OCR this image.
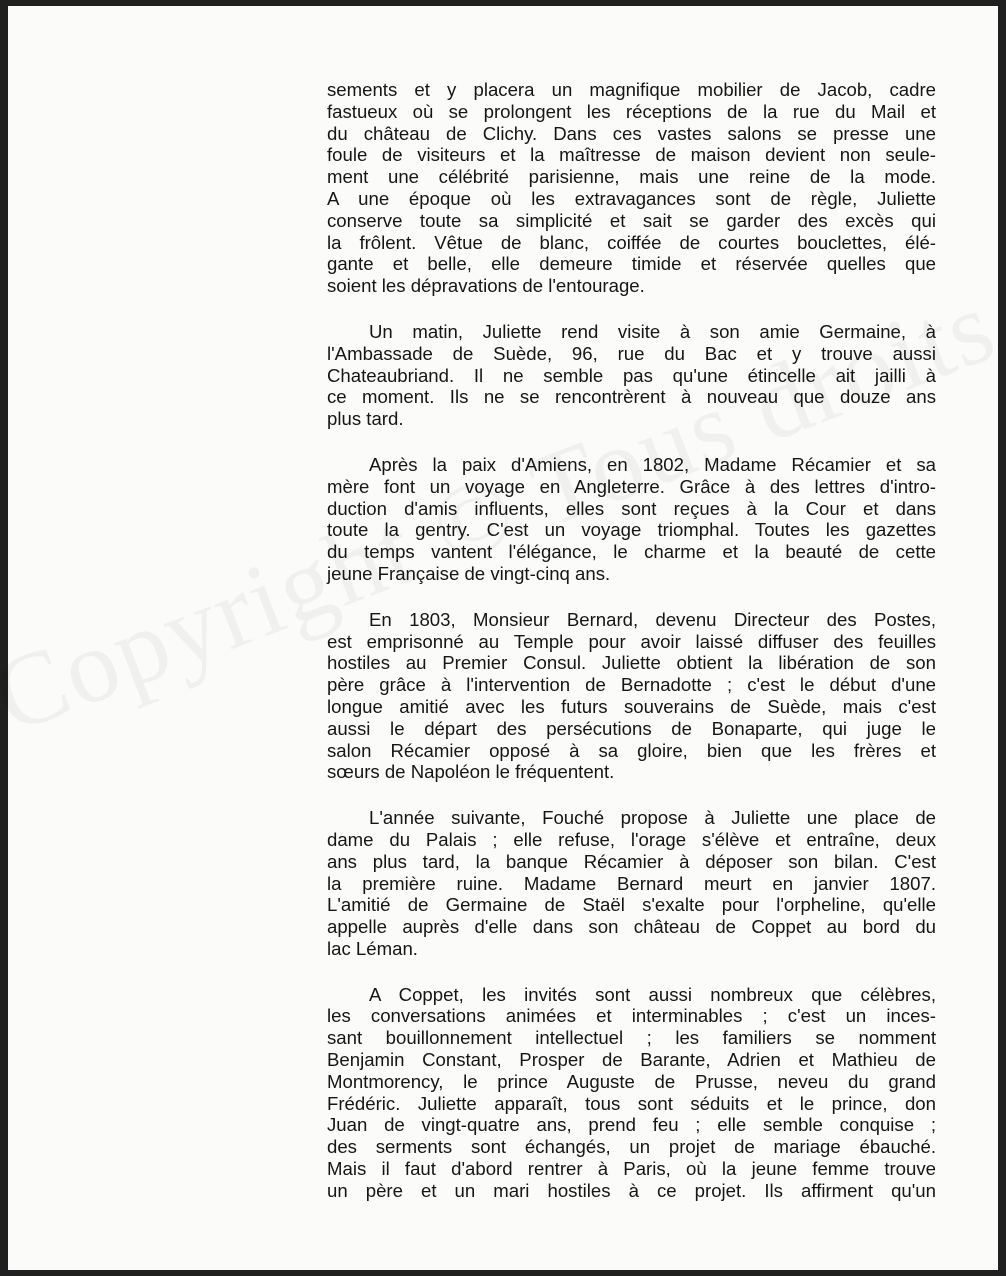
sements et y placera un magnifique mobilier de Jacob, cadre
fastueux où se prolongent les réceptions de la rue du Mail et
du château de Clichy. Dans ces vastes salons se presse une
foule de visiteurs et la maîtresse de maison devient non seule-
ment une célébrité parisienne, mais une reine de la mode.
A une époque où les extravagances sont de règle, Juliette
conserve toute sa simplicité et sait se garder des excès qui
la frôlent. Vêtue de blanc, coiffée de courtes bouclettes, élé-
gante et belle, elle demeure timide et réservée quelles que
soient les dépravations de l'entourage.
Un matin, Juliette rend visite à son amie Germaine, à
l'Ambassade de Suède, 96, rue du Bac et y trouve aussi
Chateaubriand. Il ne semble pas qu'une étincelle ait jailli à
ce moment. Ils ne se rencontrèrent à nouveau que douze ans
plus tard.
Après la paix d'Amiens, en 1802, Madame Récamier et sa
mère font un voyage en Angleterre. Grâce à des lettres d'intro-
duction d'amis influents, elles sont reçues à la Cour et dans
toute la gentry. C'est un voyage triomphal. Toutes les gazettes
du temps vantent l'élégance, le charme et la beauté de cette
jeune Française de vingt-cinq ans.
En 1803, Monsieur Bernard, devenu Directeur des Postes,
est emprisonné au Temple pour avoir laissé diffuser des feuilles
hostiles au Premier Consul. Juliette obtient la libération de son
père grâce à l'intervention de Bernadotte ; c'est le début d'une
longue amitié avec les futurs souverains de Suède, mais c'est
aussi le départ des persécutions de Bonaparte, qui juge le
salon Récamier opposé à sa gloire, bien que les frères et
sœurs de Napoléon le fréquentent.
L'année suivante, Fouché propose à Juliette une place de
dame du Palais ; elle refuse, l'orage s'élève et entraîne, deux
ans plus tard, la banque Récamier à déposer son bilan. C'est
la première ruine. Madame Bernard meurt en janvier 1807.
L'amitié de Germaine de Staël s'exalte pour l'orpheline, qu'elle
appelle auprès d'elle dans son château de Coppet au bord du
lac Léman.
A Coppet, les invités sont aussi nombreux que célèbres,
les conversations animées et interminables ; c'est un inces-
sant bouillonnement intellectuel ; les familiers se nomment
Benjamin Constant, Prosper de Barante, Adrien et Mathieu de
Montmorency, le prince Auguste de Prusse, neveu du grand
Frédéric. Juliette apparaît, tous sont séduits et le prince, don
Juan de vingt-quatre ans, prend feu ; elle semble conquise ;
des serments sont échangés, un projet de mariage ébauché.
Mais il faut d'abord rentrer à Paris, où la jeune femme trouve
un père et un mari hostiles à ce projet. Ils affirment qu'un
